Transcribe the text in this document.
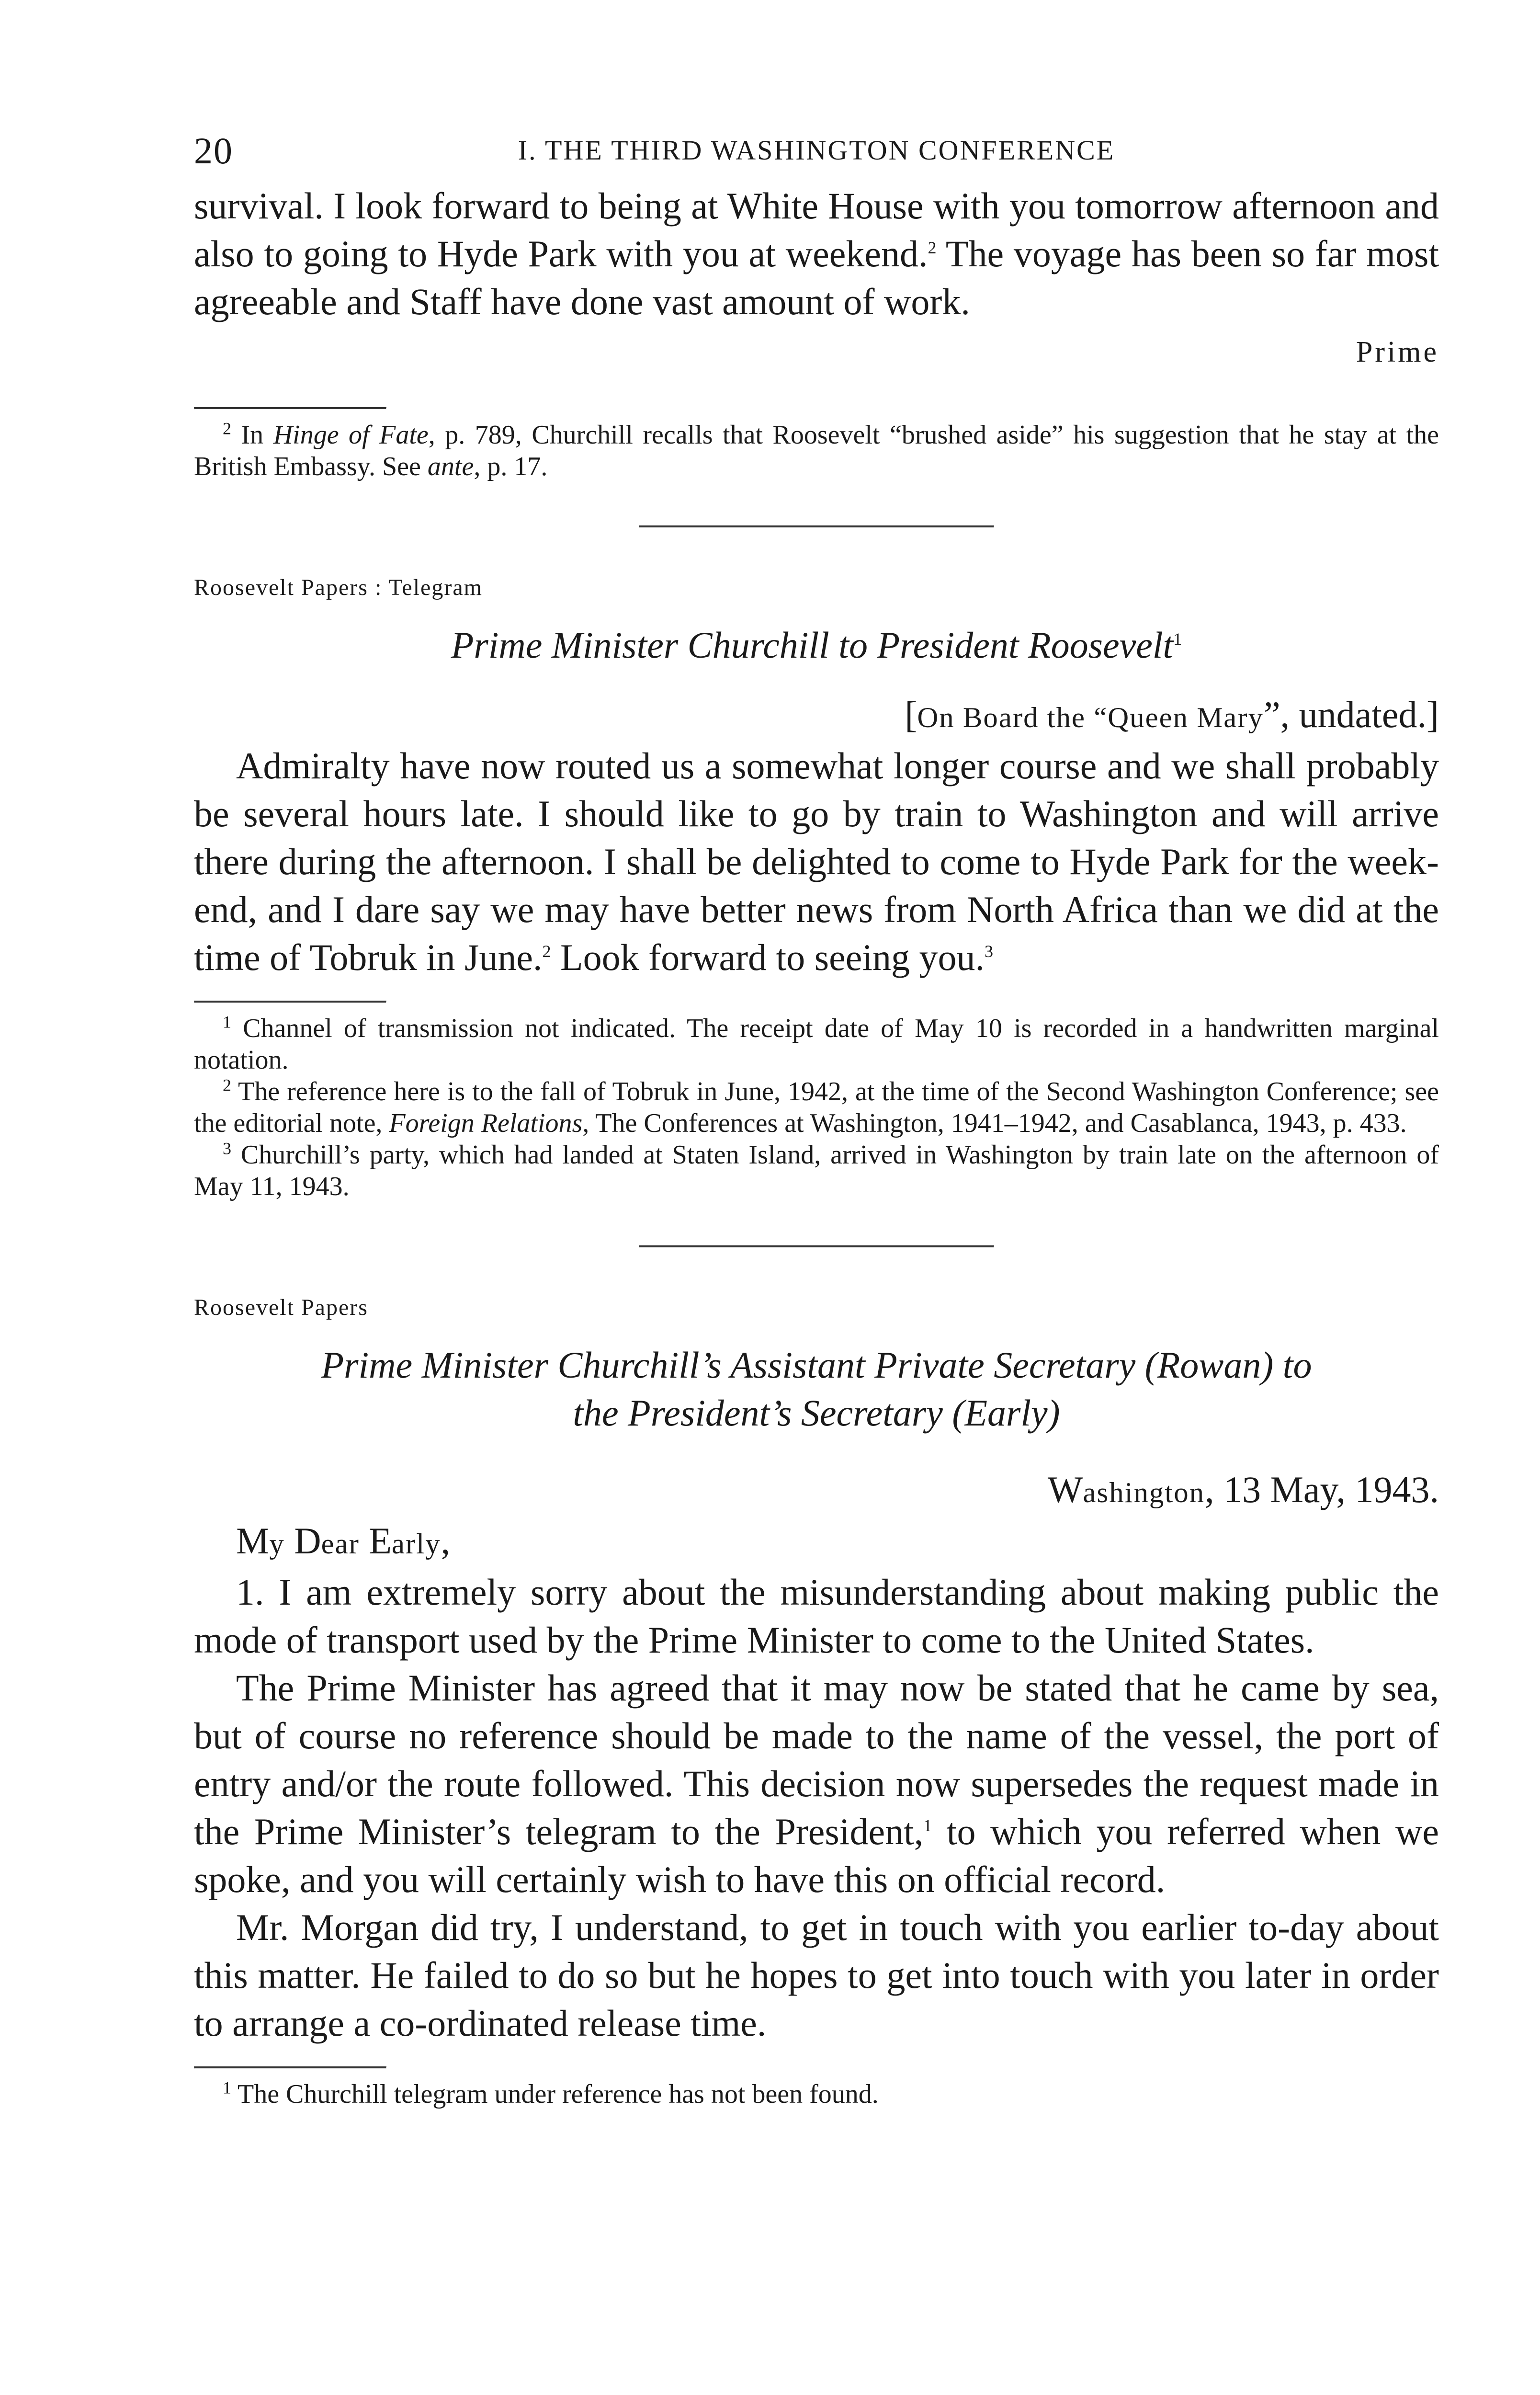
20	I. THE THIRD WASHINGTON CONFERENCE

survival. I look forward to being at White House with you tomorrow afternoon and also to going to Hyde Park with you at weekend.$^2$ The voyage has been so far most agreeable and Staff have done vast amount of work.

Prime

$^2$ In Hinge of Fate, p. 789, Churchill recalls that Roosevelt “brushed aside” his suggestion that he stay at the British Embassy. See ante, p. 17.

Roosevelt Papers : Telegram

Prime Minister Churchill to President Roosevelt$^1$

[On Board the “Queen Mary”, undated.]

Admiralty have now routed us a somewhat longer course and we shall probably be several hours late. I should like to go by train to Washington and will arrive there during the afternoon. I shall be delighted to come to Hyde Park for the week-end, and I dare say we may have better news from North Africa than we did at the time of Tobruk in June.$^2$ Look forward to seeing you.$^3$

$^1$ Channel of transmission not indicated. The receipt date of May 10 is recorded in a handwritten marginal notation.

$^2$ The reference here is to the fall of Tobruk in June, 1942, at the time of the Second Washington Conference; see the editorial note, Foreign Relations, The Conferences at Washington, 1941–1942, and Casablanca, 1943, p. 433.

$^3$ Churchill’s party, which had landed at Staten Island, arrived in Washington by train late on the afternoon of May 11, 1943.

Roosevelt Papers

Prime Minister Churchill’s Assistant Private Secretary (Rowan) to

the President’s Secretary (Early)

Washington, 13 May, 1943.

My Dear Early,

1. I am extremely sorry about the misunderstanding about making public the mode of transport used by the Prime Minister to come to the United States.

The Prime Minister has agreed that it may now be stated that he came by sea, but of course no reference should be made to the name of the vessel, the port of entry and/or the route followed. This decision now supersedes the request made in the Prime Minister’s telegram to the President,$^1$ to which you referred when we spoke, and you will certainly wish to have this on official record.

Mr. Morgan did try, I understand, to get in touch with you earlier to-day about this matter. He failed to do so but he hopes to get into touch with you later in order to arrange a co-ordinated release time.

$^1$ The Churchill telegram under reference has not been found.
